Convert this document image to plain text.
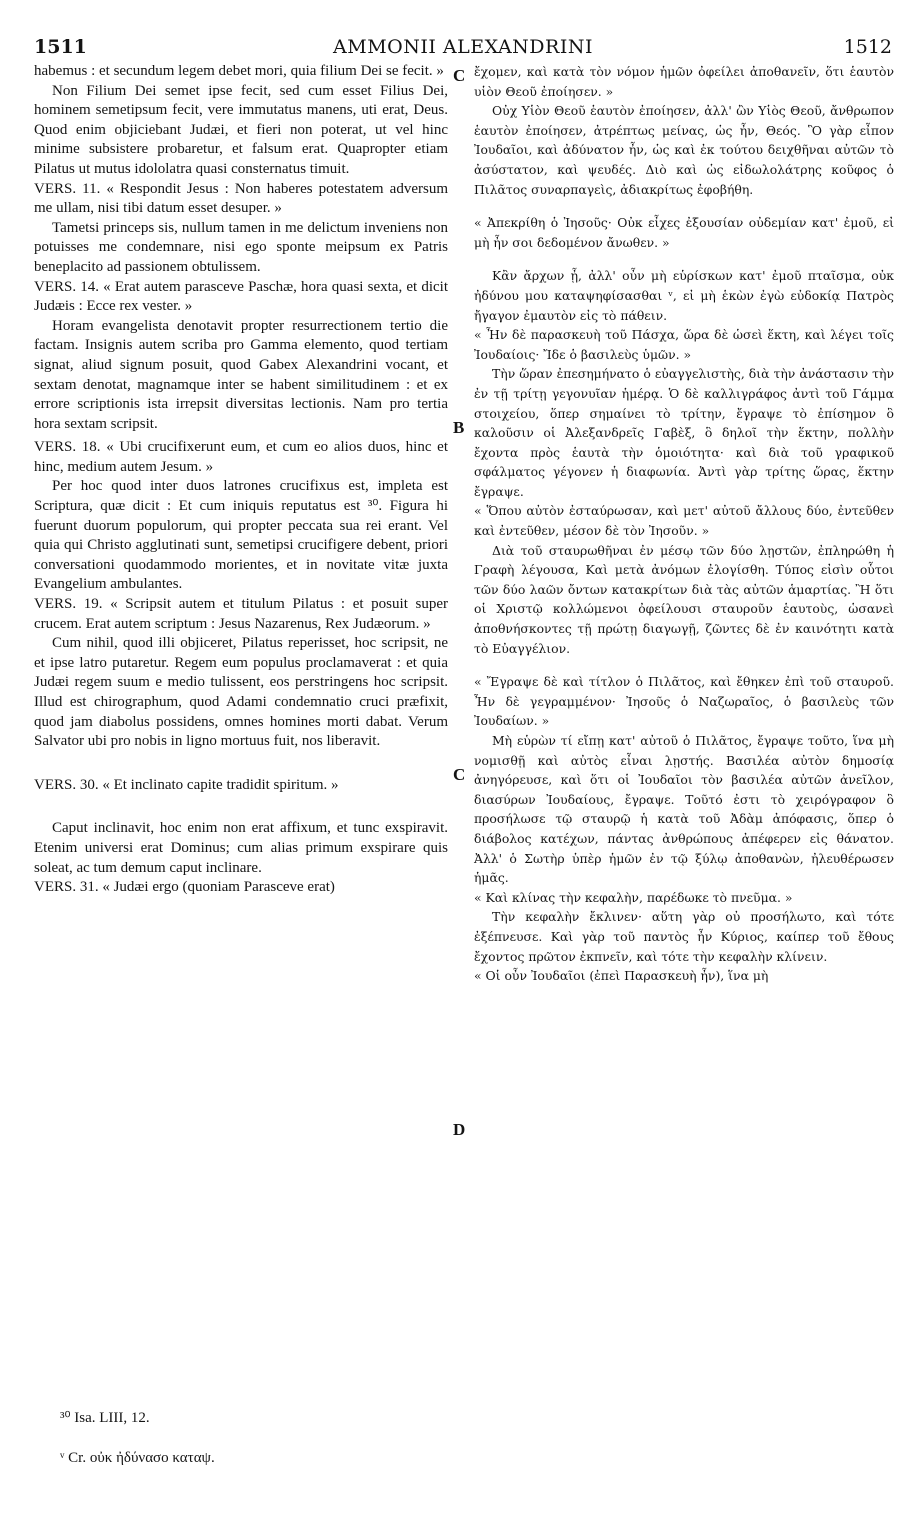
1511	AMMONII ALEXANDRINI	1512

habemus : et secundum legem debet mori, quia filium Dei se fecit. »

Non Filium Dei semet ipse fecit, sed cum esset Filius Dei, hominem semetipsum fecit, vere immutatus manens, uti erat, Deus. Quod enim objiciebant Judæi, et fieri non poterat, ut vel hinc minime subsistere probaretur, et falsum erat. Quapropter etiam Pilatus ut mutus idololatra quasi consternatus timuit.

VERS. 11. « Respondit Jesus : Non haberes potestatem adversum me ullam, nisi tibi datum esset desuper. »

Tametsi princeps sis, nullum tamen in me delictum inveniens non potuisses me condemnare, nisi ego sponte meipsum ex Patris beneplacito ad passionem obtulissem.

VERS. 14. « Erat autem parasceve Paschæ, hora quasi sexta, et dicit Judæis : Ecce rex vester. »

Horam evangelista denotavit propter resurrectionem tertio die factam. Insignis autem scriba pro Gamma elemento, quod tertiam signat, aliud signum posuit, quod Gabex Alexandrini vocant, et sextam denotat, magnamque inter se habent similitudinem : et ex errore scriptionis ista irrepsit diversitas lectionis. Nam pro tertia hora sextam scripsit.

VERS. 18. « Ubi crucifixerunt eum, et cum eo alios duos, hinc et hinc, medium autem Jesum. »

Per hoc quod inter duos latrones crucifixus est, impleta est Scriptura, quæ dicit : Et cum iniquis reputatus est ³⁰. Figura hi fuerunt duorum populorum, qui propter peccata sua rei erant. Vel quia qui Christo agglutinati sunt, semetipsi crucifigere debent, priori conversationi quodammodo morientes, et in novitate vitæ juxta Evangelium ambulantes.

VERS. 19. « Scripsit autem et titulum Pilatus : et posuit super crucem. Erat autem scriptum : Jesus Nazarenus, Rex Judæorum. »

Cum nihil, quod illi objiceret, Pilatus reperisset, hoc scripsit, ne et ipse latro putaretur. Regem eum populus proclamaverat : et quia Judæi regem suum e medio tulissent, eos perstringens hoc scripsit. Illud est chirographum, quod Adami condemnatio cruci præfixit, quod jam diabolus possidens, omnes homines morti dabat. Verum Salvator ubi pro nobis in ligno mortuus fuit, nos liberavit.

VERS. 30. « Et inclinato capite tradidit spiritum. »

Caput inclinavit, hoc enim non erat affixum, et tunc exspiravit. Etenim universi erat Dominus; cum alias primum exspirare quis soleat, ac tum demum caput inclinare.

VERS. 31. « Judæi ergo (quoniam Parasceve erat)

ἔχομεν, καὶ κατὰ τὸν νόμον ἡμῶν ὀφείλει ἀποθανεῖν, ὅτι ἑαυτὸν υἱὸν Θεοῦ ἐποίησεν. »

Οὐχ Υἱὸν Θεοῦ ἑαυτὸν ἐποίησεν, ἀλλ' ὢν Υἱὸς Θεοῦ, ἄνθρωπον ἑαυτὸν ἐποίησεν, ἀτρέπτως μείνας, ὡς ἦν, Θεός. Ὃ γὰρ εἶπον Ἰουδαῖοι, καὶ ἀδύνατον ἦν, ὡς καὶ ἐκ τούτου δειχθῆναι αὐτῶν τὸ ἀσύστατον, καὶ ψευδές. Διὸ καὶ ὡς εἰδωλολάτρης κοῦφος ὁ Πιλᾶτος συναρπαγεὶς, ἀδιακρίτως ἐφοβήθη.

« Ἀπεκρίθη ὁ Ἰησοῦς· Οὐκ εἶχες ἐξουσίαν οὐδεμίαν κατ' ἐμοῦ, εἰ μὴ ἦν σοι δεδομένον ἄνωθεν. »

Κἂν ἄρχων ᾖ, ἀλλ' οὖν μὴ εὑρίσκων κατ' ἐμοῦ πταῖσμα, οὐκ ἠδύνου μου καταψηφίσασθαι ᵛ, εἰ μὴ ἑκὼν ἐγὼ εὐδοκίᾳ Πατρὸς ἤγαγον ἐμαυτὸν εἰς τὸ πάθειν.

« Ἦν δὲ παρασκευὴ τοῦ Πάσχα, ὥρα δὲ ὡσεὶ ἕκτη, καὶ λέγει τοῖς Ἰουδαίοις· Ἴδε ὁ βασιλεὺς ὑμῶν. »

Τὴν ὥραν ἐπεσημήνατο ὁ εὐαγγελιστὴς, διὰ τὴν ἀνάστασιν τὴν ἐν τῇ τρίτῃ γεγονυῖαν ἡμέρᾳ. Ὁ δὲ καλλιγράφος ἀντὶ τοῦ Γάμμα στοιχείου, ὅπερ σημαίνει τὸ τρίτην, ἔγραψε τὸ ἐπίσημον ὃ καλοῦσιν οἱ Ἀλεξανδρεῖς Γαβὲξ, ὃ δηλοῖ τὴν ἕκτην, πολλὴν ἔχοντα πρὸς ἑαυτὰ τὴν ὁμοιότητα· καὶ διὰ τοῦ γραφικοῦ σφάλματος γέγονεν ἡ διαφωνία. Ἀντὶ γὰρ τρίτης ὥρας, ἕκτην ἔγραψε.

« Ὅπου αὐτὸν ἐσταύρωσαν, καὶ μετ' αὐτοῦ ἄλλους δύο, ἐντεῦθεν καὶ ἐντεῦθεν, μέσον δὲ τὸν Ἰησοῦν. »

Διὰ τοῦ σταυρωθῆναι ἐν μέσῳ τῶν δύο λῃστῶν, ἐπληρώθη ἡ Γραφὴ λέγουσα, Καὶ μετὰ ἀνόμων ἐλογίσθη. Τύπος εἰσὶν οὗτοι τῶν δύο λαῶν ὄντων κατακρίτων διὰ τὰς αὐτῶν ἁμαρτίας. Ἢ ὅτι οἱ Χριστῷ κολλώμενοι ὀφείλουσι σταυροῦν ἑαυτοὺς, ὡσανεὶ ἀποθνήσκοντες τῇ πρώτῃ διαγωγῇ, ζῶντες δὲ ἐν καινότητι κατὰ τὸ Εὐαγγέλιον.

« Ἔγραψε δὲ καὶ τίτλον ὁ Πιλᾶτος, καὶ ἔθηκεν ἐπὶ τοῦ σταυροῦ. Ἦν δὲ γεγραμμένον· Ἰησοῦς ὁ Ναζωραῖος, ὁ βασιλεὺς τῶν Ἰουδαίων. »

Μὴ εὑρὼν τί εἴπῃ κατ' αὐτοῦ ὁ Πιλᾶτος, ἔγραψε τοῦτο, ἵνα μὴ νομισθῇ καὶ αὐτὸς εἶναι λῃστής. Βασιλέα αὐτὸν δημοσίᾳ ἀνηγόρευσε, καὶ ὅτι οἱ Ἰουδαῖοι τὸν βασιλέα αὐτῶν ἀνεῖλον, διασύρων Ἰουδαίους, ἔγραψε. Τοῦτό ἐστι τὸ χειρόγραφον ὃ προσήλωσε τῷ σταυρῷ ἡ κατὰ τοῦ Ἀδὰμ ἀπόφασις, ὅπερ ὁ διάβολος κατέχων, πάντας ἀνθρώπους ἀπέφερεν εἰς θάνατον. Ἀλλ' ὁ Σωτὴρ ὑπὲρ ἡμῶν ἐν τῷ ξύλῳ ἀποθανὼν, ἠλευθέρωσεν ἡμᾶς.

« Καὶ κλίνας τὴν κεφαλὴν, παρέδωκε τὸ πνεῦμα. »

Τὴν κεφαλὴν ἔκλινεν· αὕτη γὰρ οὐ προσήλωτο, καὶ τότε ἐξέπνευσε. Καὶ γὰρ τοῦ παντὸς ἦν Κύριος, καίπερ τοῦ ἔθους ἔχοντος πρῶτον ἐκπνεῖν, καὶ τότε τὴν κεφαλὴν κλίνειν.

« Οἱ οὖν Ἰουδαῖοι (ἐπεὶ Παρασκευὴ ἦν), ἵνα μὴ

C
B
C
D

³⁰ Isa. LIII, 12.

ᵛ Cr. οὐκ ἠδύνασο καταψ.
